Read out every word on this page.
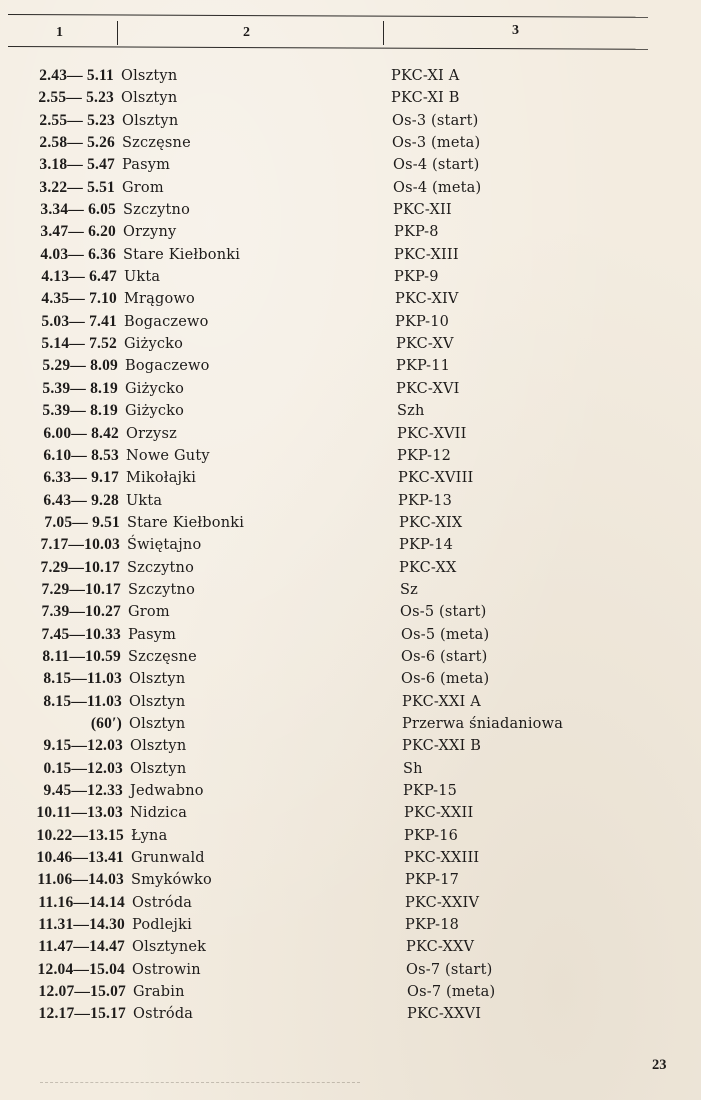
1	2	3
2.43— 5.11 Olsztyn	PKC-XI A
2.55— 5.23 Olsztyn	PKC-XI B
2.55— 5.23 Olsztyn	Os-3 (start)
2.58— 5.26 Szczęsne	Os-3 (meta)
3.18— 5.47 Pasym	Os-4 (start)
3.22— 5.51 Grom	Os-4 (meta)
3.34— 6.05 Szczytno	PKC-XII
3.47— 6.20 Orzyny	PKP-8
4.03— 6.36 Stare Kiełbonki	PKC-XIII
4.13— 6.47 Ukta	PKP-9
4.35— 7.10 Mrągowo	PKC-XIV
5.03— 7.41 Bogaczewo	PKP-10
5.14— 7.52 Giżycko	PKC-XV
5.29— 8.09 Bogaczewo	PKP-11
5.39— 8.19 Giżycko	PKC-XVI
5.39— 8.19 Giżycko	Szh
6.00— 8.42 Orzysz	PKC-XVII
6.10— 8.53 Nowe Guty	PKP-12
6.33— 9.17 Mikołajki	PKC-XVIII
6.43— 9.28 Ukta	PKP-13
7.05— 9.51 Stare Kiełbonki	PKC-XIX
7.17—10.03 Świętajno	PKP-14
7.29—10.17 Szczytno	PKC-XX
7.29—10.17 Szczytno	Sz
7.39—10.27 Grom	Os-5 (start)
7.45—10.33 Pasym	Os-5 (meta)
8.11—10.59 Szczęsne	Os-6 (start)
8.15—11.03 Olsztyn	Os-6 (meta)
8.15—11.03 Olsztyn	PKC-XXI A
(60′) Olsztyn	Przerwa śniadaniowa
9.15—12.03 Olsztyn	PKC-XXI B
0.15—12.03 Olsztyn	Sh
9.45—12.33 Jedwabno	PKP-15
10.11—13.03 Nidzica	PKC-XXII
10.22—13.15 Łyna	PKP-16
10.46—13.41 Grunwald	PKC-XXIII
11.06—14.03 Smykówko	PKP-17
11.16—14.14 Ostróda	PKC-XXIV
11.31—14.30 Podlejki	PKP-18
11.47—14.47 Olsztynek	PKC-XXV
12.04—15.04 Ostrowin	Os-7 (start)
12.07—15.07 Grabin	Os-7 (meta)
12.17—15.17 Ostróda	PKC-XXVI
23
